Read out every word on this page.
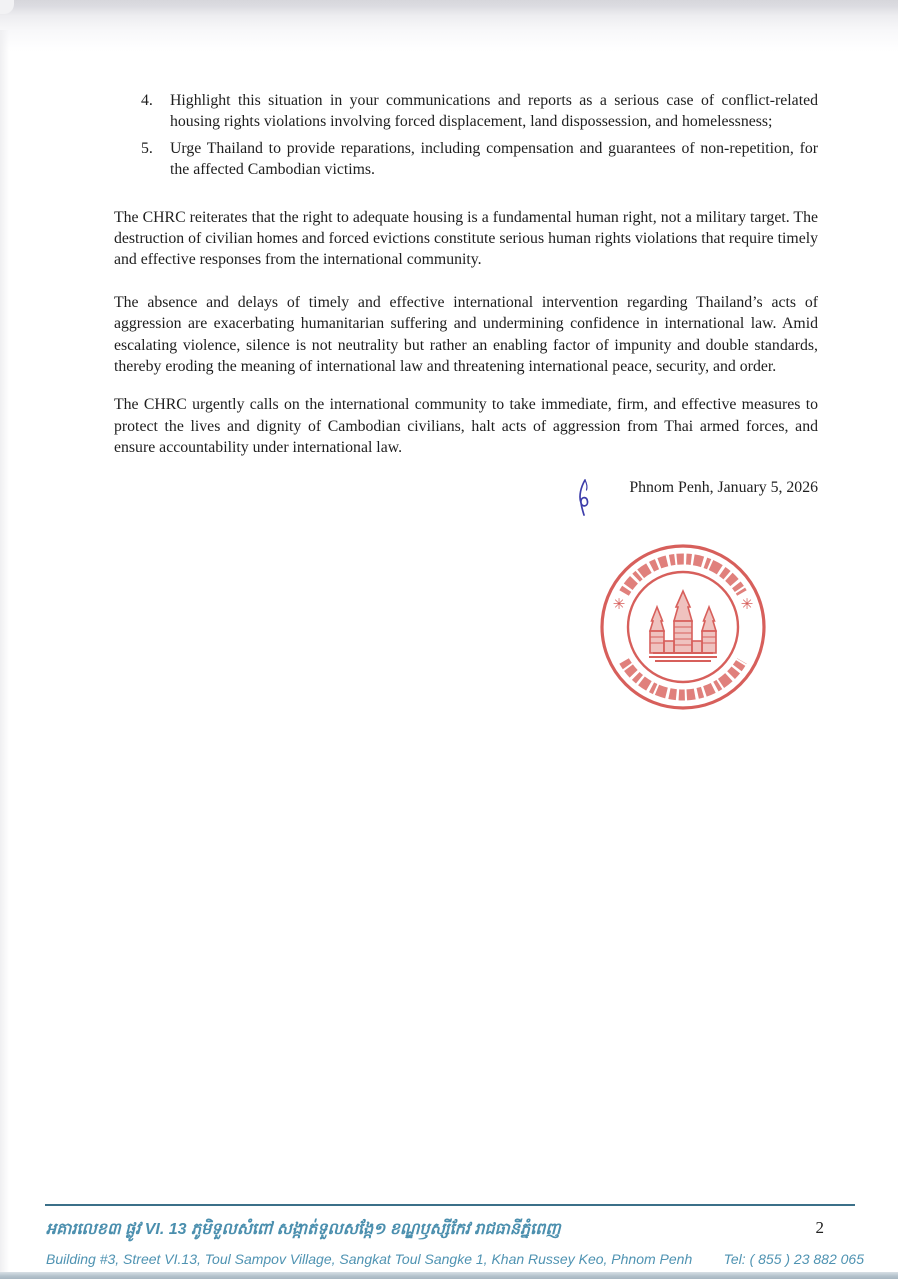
4.	Highlight this situation in your communications and reports as a serious case of conflict-related housing rights violations involving forced displacement, land dispossession, and homelessness;
5.	Urge Thailand to provide reparations, including compensation and guarantees of non-repetition, for the affected Cambodian victims.
The CHRC reiterates that the right to adequate housing is a fundamental human right, not a military target. The destruction of civilian homes and forced evictions constitute serious human rights violations that require timely and effective responses from the international community.
The absence and delays of timely and effective international intervention regarding Thailand’s acts of aggression are exacerbating humanitarian suffering and undermining confidence in international law. Amid escalating violence, silence is not neutrality but rather an enabling factor of impunity and double standards, thereby eroding the meaning of international law and threatening international peace, security, and order.
The CHRC urgently calls on the international community to take immediate, firm, and effective measures to protect the lives and dignity of Cambodian civilians, halt acts of aggression from Thai armed forces, and ensure accountability under international law.
Phnom Penh, January 5, 2026
✳	✳
អគារលេខ៣ ផ្លូវ VI. 13 ភូមិទួលសំពៅ សង្កាត់ទួលសង្កែ១ ខណ្ឌឫស្សីកែវ រាជធានីភ្នំពេញ	2
Building #3, Street VI.13, Toul Sampov Village, Sangkat Toul Sangke 1, Khan Russey Keo, Phnom Penh Tel: ( 855 ) 23 882 065
